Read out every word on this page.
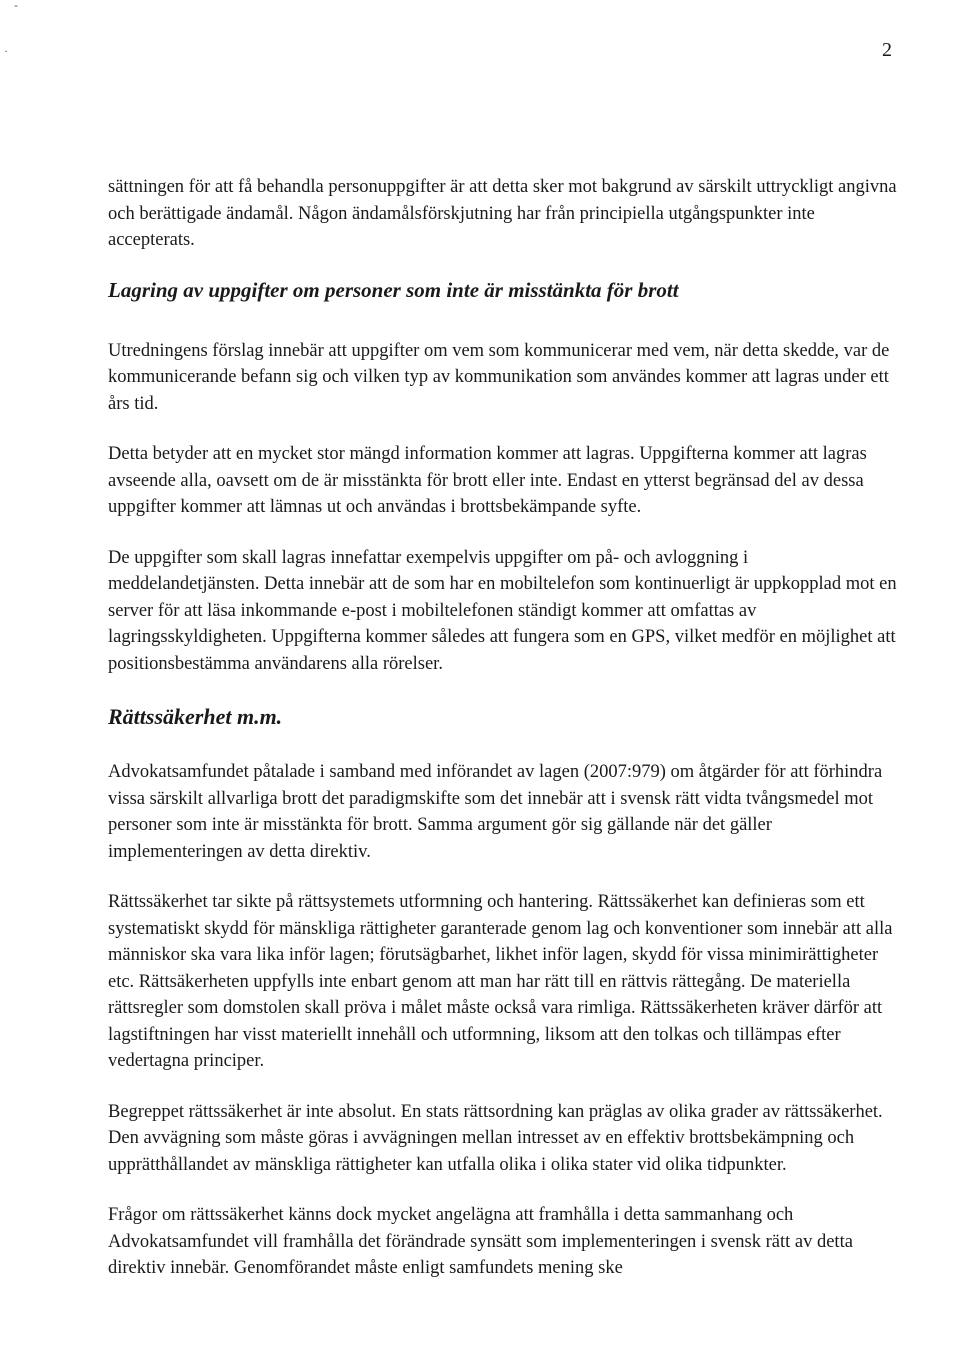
-
·	2

sättningen för att få behandla personuppgifter är att detta sker mot bakgrund av särskilt uttryckligt angivna och berättigade ändamål. Någon ändamålsförskjutning har från principiella utgångspunkter inte accepterats.

Lagring av uppgifter om personer som inte är misstänkta för brott

Utredningens förslag innebär att uppgifter om vem som kommunicerar med vem, när detta skedde, var de kommunicerande befann sig och vilken typ av kommunikation som användes kommer att lagras under ett års tid.

Detta betyder att en mycket stor mängd information kommer att lagras. Uppgifterna kommer att lagras avseende alla, oavsett om de är misstänkta för brott eller inte. Endast en ytterst begränsad del av dessa uppgifter kommer att lämnas ut och användas i brottsbekämpande syfte.

De uppgifter som skall lagras innefattar exempelvis uppgifter om på- och avloggning i meddelandetjänsten. Detta innebär att de som har en mobiltelefon som kontinuerligt är uppkopplad mot en server för att läsa inkommande e-post i mobiltelefonen ständigt kommer att omfattas av lagringsskyldigheten. Uppgifterna kommer således att fungera som en GPS, vilket medför en möjlighet att positionsbestämma användarens alla rörelser.

Rättssäkerhet m.m.

Advokatsamfundet påtalade i samband med införandet av lagen (2007:979) om åtgärder för att förhindra vissa särskilt allvarliga brott det paradigmskifte som det innebär att i svensk rätt vidta tvångsmedel mot personer som inte är misstänkta för brott. Samma argument gör sig gällande när det gäller implementeringen av detta direktiv.

Rättssäkerhet tar sikte på rättsystemets utformning och hantering. Rättssäkerhet kan definieras som ett systematiskt skydd för mänskliga rättigheter garanterade genom lag och konventioner som innebär att alla människor ska vara lika inför lagen; förutsägbarhet, likhet inför lagen, skydd för vissa minimirättigheter etc. Rättsäkerheten uppfylls inte enbart genom att man har rätt till en rättvis rättegång. De materiella rättsregler som domstolen skall pröva i målet måste också vara rimliga. Rättssäkerheten kräver därför att lagstiftningen har visst materiellt innehåll och utformning, liksom att den tolkas och tillämpas efter vedertagna principer.

Begreppet rättssäkerhet är inte absolut. En stats rättsordning kan präglas av olika grader av rättssäkerhet. Den avvägning som måste göras i avvägningen mellan intresset av en effektiv brottsbekämpning och upprätthållandet av mänskliga rättigheter kan utfalla olika i olika stater vid olika tidpunkter.

Frågor om rättssäkerhet känns dock mycket angelägna att framhålla i detta sammanhang och Advokatsamfundet vill framhålla det förändrade synsätt som implementeringen i svensk rätt av detta direktiv innebär. Genomförandet måste enligt samfundets mening ske
